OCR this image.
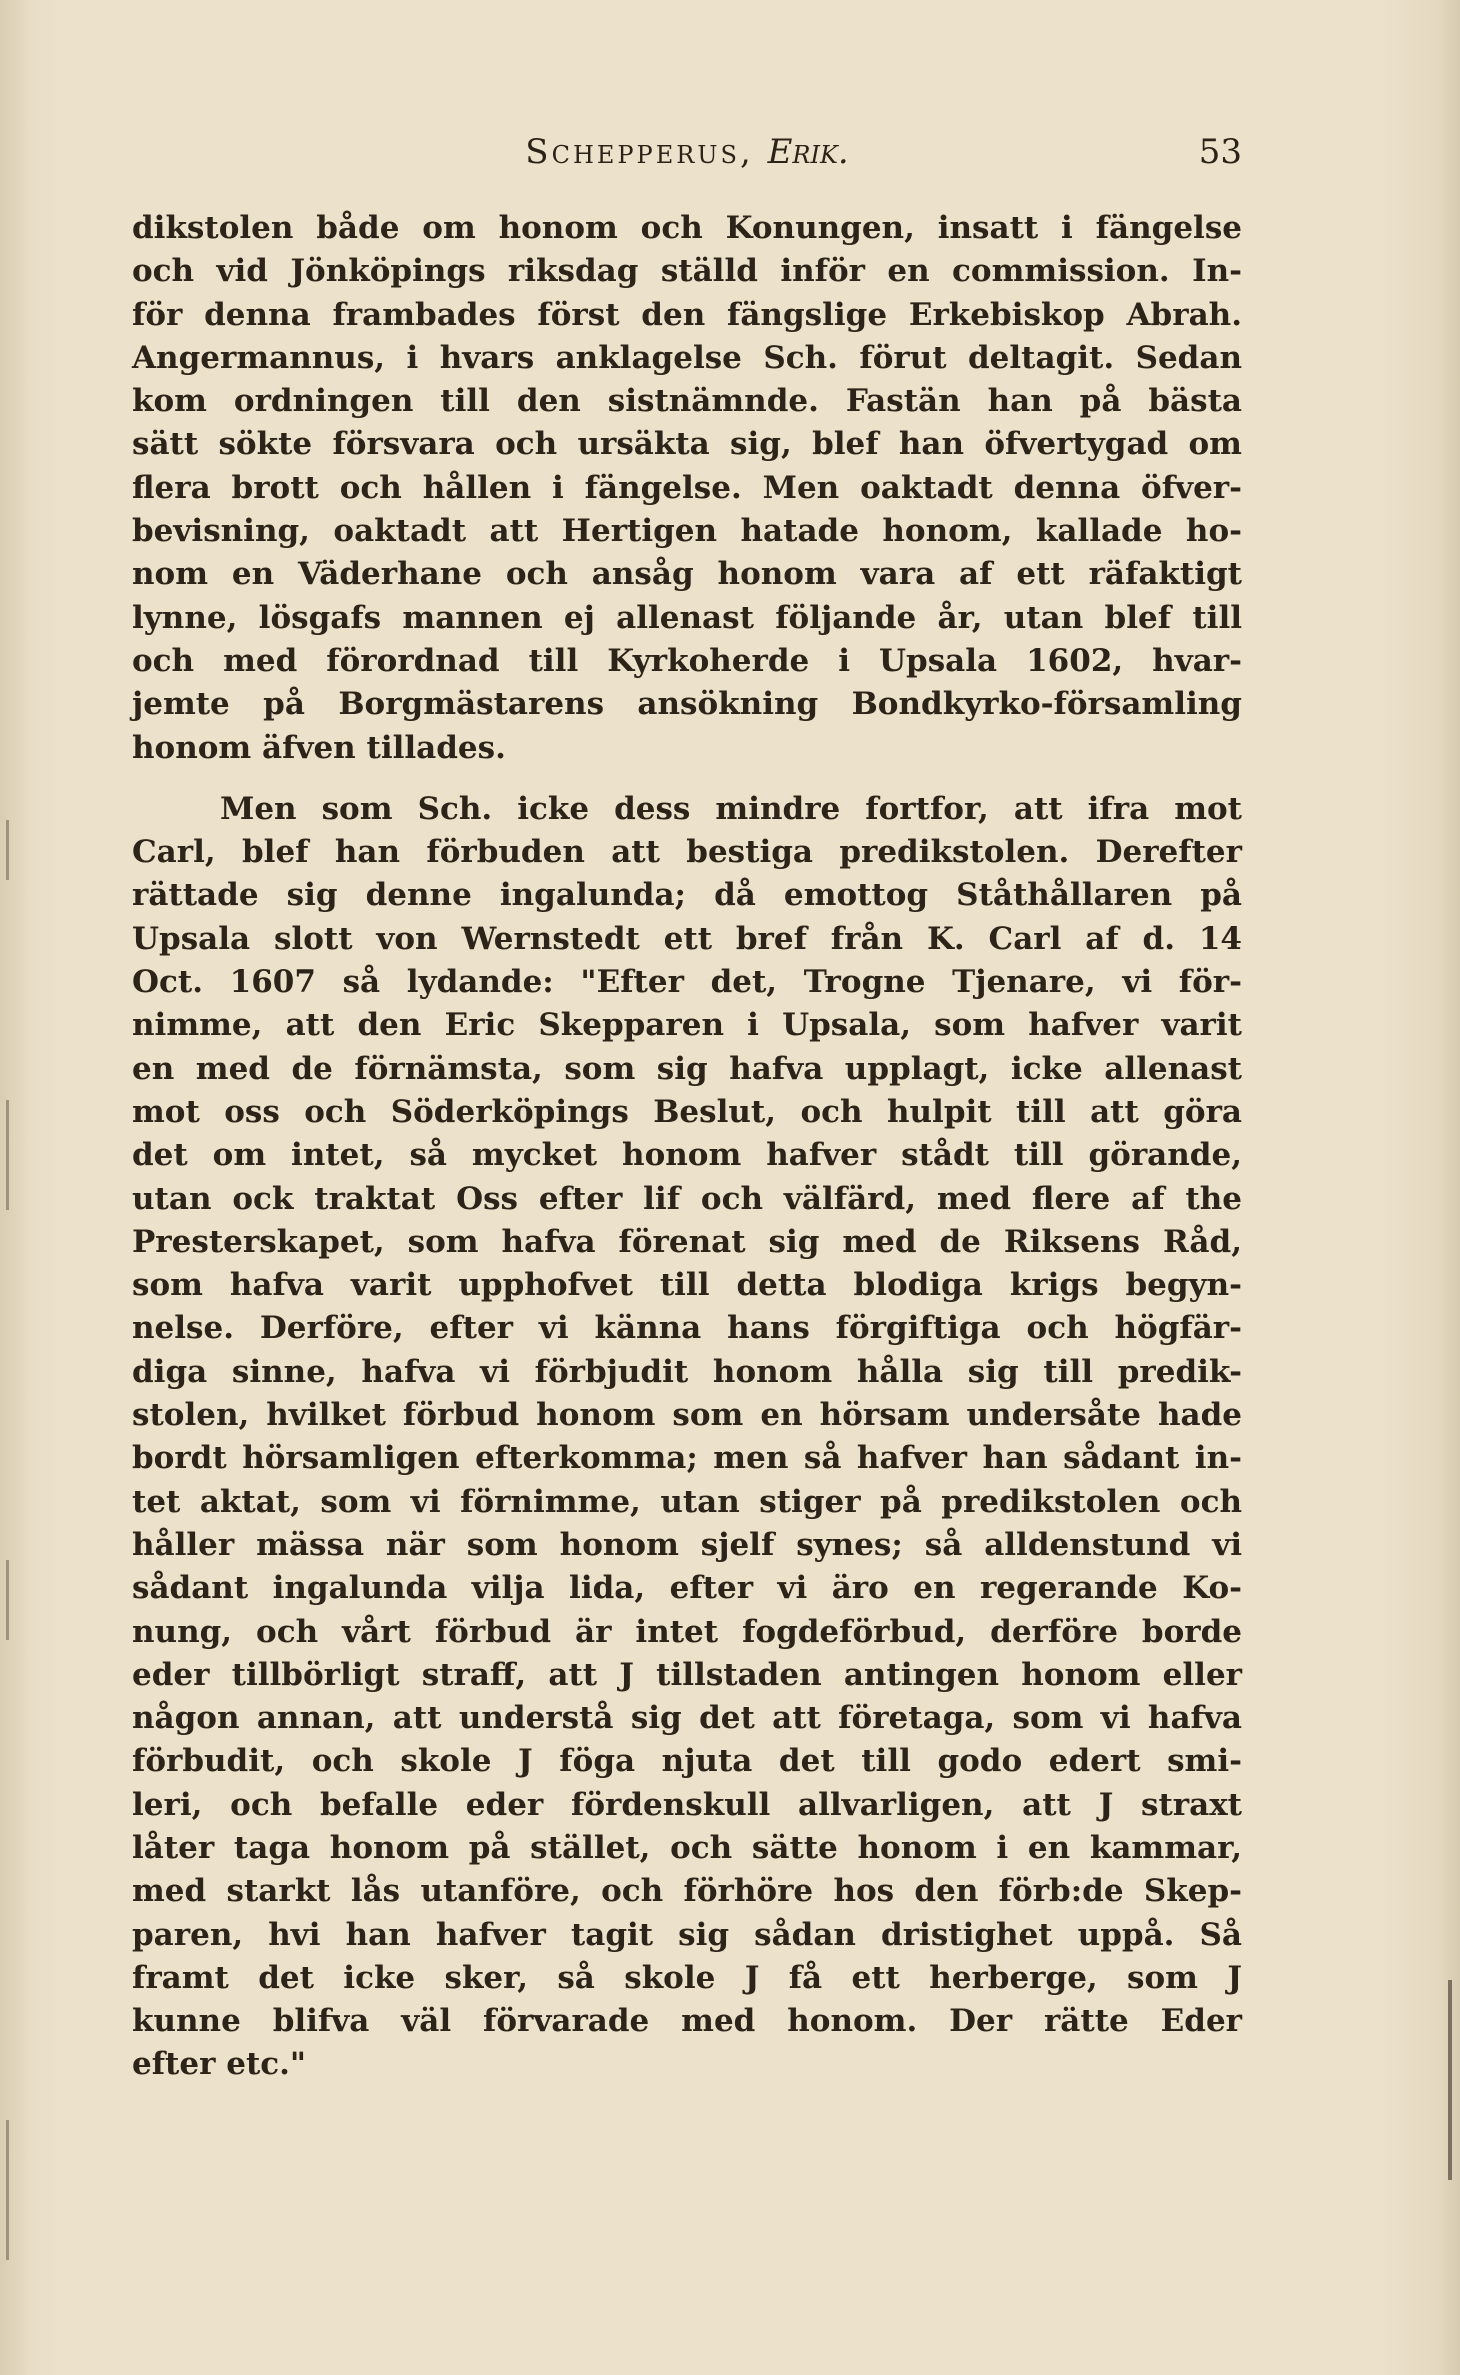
Schepperus, Erik.	53
dikstolen både om honom och Konungen, insatt i fängelse
och vid Jönköpings riksdag ställd inför en commission. In-
för denna frambades först den fängslige Erkebiskop Abrah.
Angermannus, i hvars anklagelse Sch. förut deltagit. Sedan
kom ordningen till den sistnämnde. Fastän han på bästa
sätt sökte försvara och ursäkta sig, blef han öfvertygad om
flera brott och hållen i fängelse. Men oaktadt denna öfver-
bevisning, oaktadt att Hertigen hatade honom, kallade ho-
nom en Väderhane och ansåg honom vara af ett räfaktigt
lynne, lösgafs mannen ej allenast följande år, utan blef till
och med förordnad till Kyrkoherde i Upsala 1602, hvar-
jemte på Borgmästarens ansökning Bondkyrko-församling
honom äfven tillades.
Men som Sch. icke dess mindre fortfor, att ifra mot
Carl, blef han förbuden att bestiga predikstolen. Derefter
rättade sig denne ingalunda; då emottog Ståthållaren på
Upsala slott von Wernstedt ett bref från K. Carl af d. 14
Oct. 1607 så lydande: "Efter det, Trogne Tjenare, vi för-
nimme, att den Eric Skepparen i Upsala, som hafver varit
en med de förnämsta, som sig hafva upplagt, icke allenast
mot oss och Söderköpings Beslut, och hulpit till att göra
det om intet, så mycket honom hafver stådt till görande,
utan ock traktat Oss efter lif och välfärd, med flere af the
Presterskapet, som hafva förenat sig med de Riksens Råd,
som hafva varit upphofvet till detta blodiga krigs begyn-
nelse. Derföre, efter vi känna hans förgiftiga och högfär-
diga sinne, hafva vi förbjudit honom hålla sig till predik-
stolen, hvilket förbud honom som en hörsam undersåte hade
bordt hörsamligen efterkomma; men så hafver han sådant in-
tet aktat, som vi förnimme, utan stiger på predikstolen och
håller mässa när som honom sjelf synes; så alldenstund vi
sådant ingalunda vilja lida, efter vi äro en regerande Ko-
nung, och vårt förbud är intet fogdeförbud, derföre borde
eder tillbörligt straff, att J tillstaden antingen honom eller
någon annan, att understå sig det att företaga, som vi hafva
förbudit, och skole J föga njuta det till godo edert smi-
leri, och befalle eder fördenskull allvarligen, att J straxt
låter taga honom på stället, och sätte honom i en kammar,
med starkt lås utanföre, och förhöre hos den förb:de Skep-
paren, hvi han hafver tagit sig sådan dristighet uppå. Så
framt det icke sker, så skole J få ett herberge, som J
kunne blifva väl förvarade med honom. Der rätte Eder
efter etc."
